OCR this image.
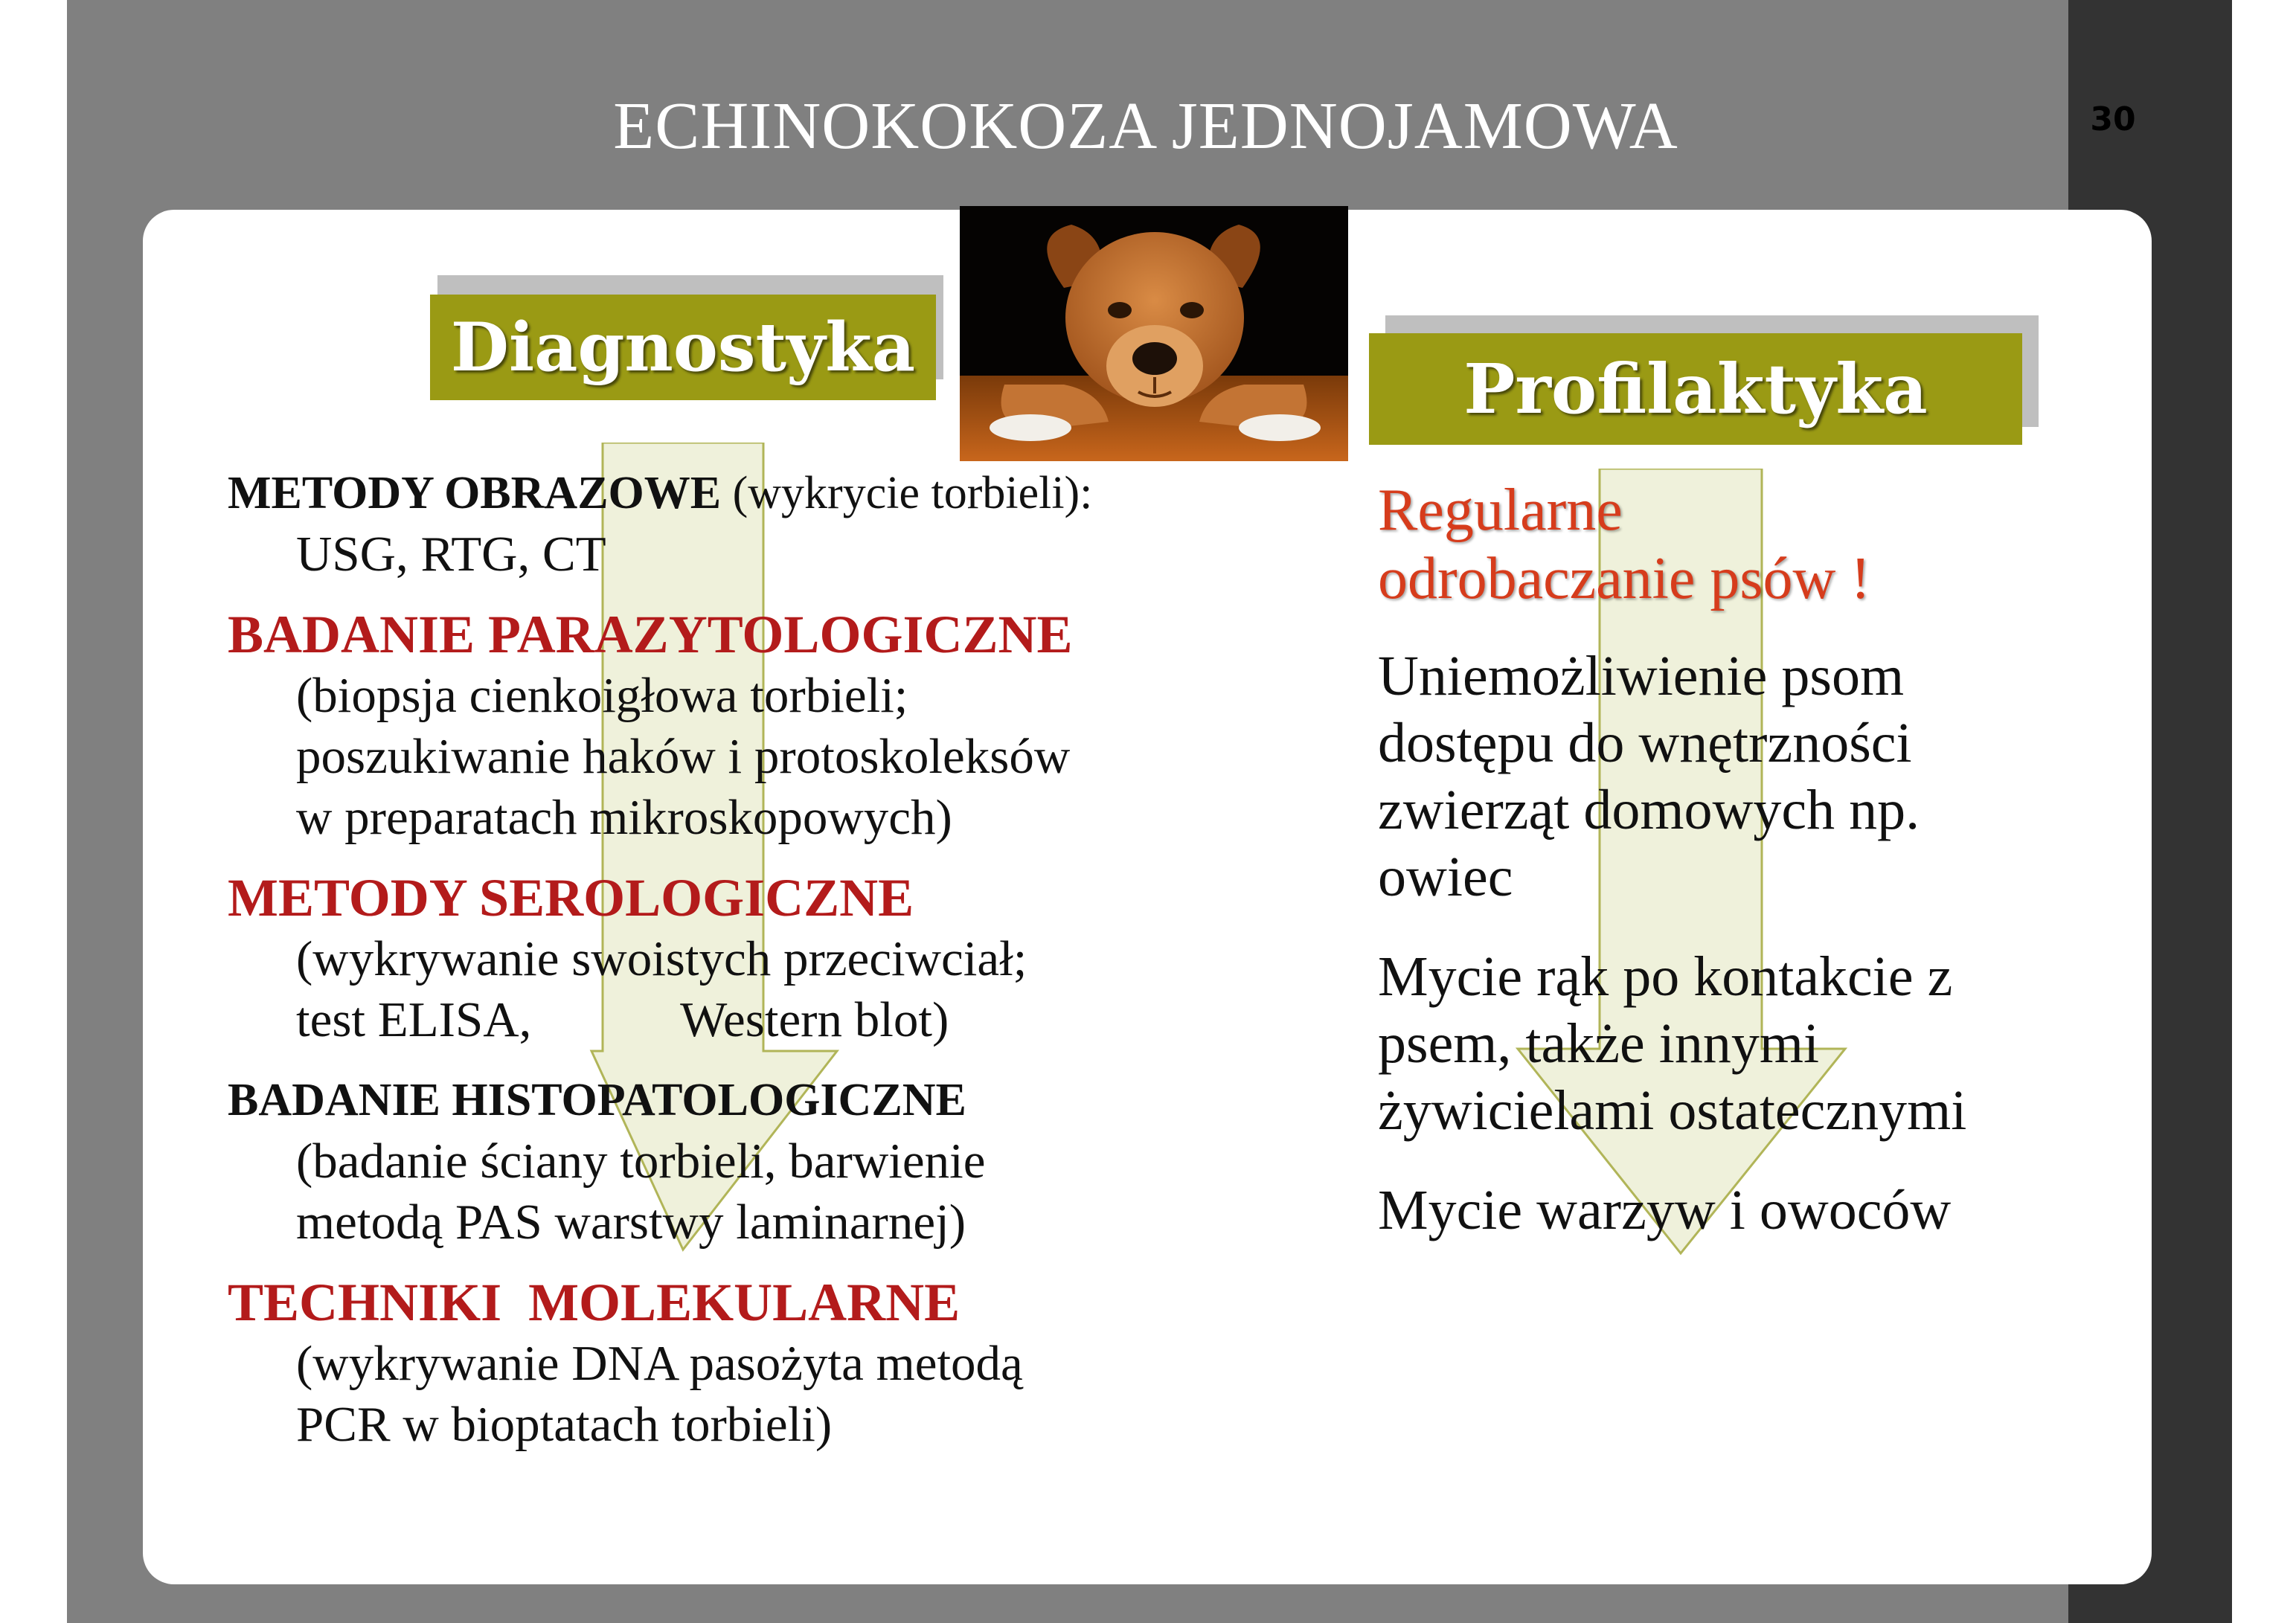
30
ECHINOKOKOZA JEDNOJAMOWA
Diagnostyka
Profilaktyka
METODY OBRAZOWE (wykrycie torbieli):
USG, RTG, CT
BADANIE PARAZYTOLOGICZNE
(biopsja cienkoigłowa torbieli;
poszukiwanie haków i protoskoleksów
w preparatach mikroskopowych)
METODY SEROLOGICZNE
(wykrywanie swoistych przeciwciał;
test ELISA,            Western blot)
BADANIE HISTOPATOLOGICZNE
(badanie ściany torbieli, barwienie
metodą PAS warstwy laminarnej)
TECHNIKI  MOLEKULARNE
(wykrywanie DNA pasożyta metodą
PCR w bioptatach torbieli)
Regularne
odrobaczanie psów !
Uniemożliwienie psom
dostępu do wnętrzności
zwierząt domowych np.
owiec
Mycie rąk po kontakcie z
psem, także innymi
żywicielami ostatecznymi
Mycie warzyw i owoców
